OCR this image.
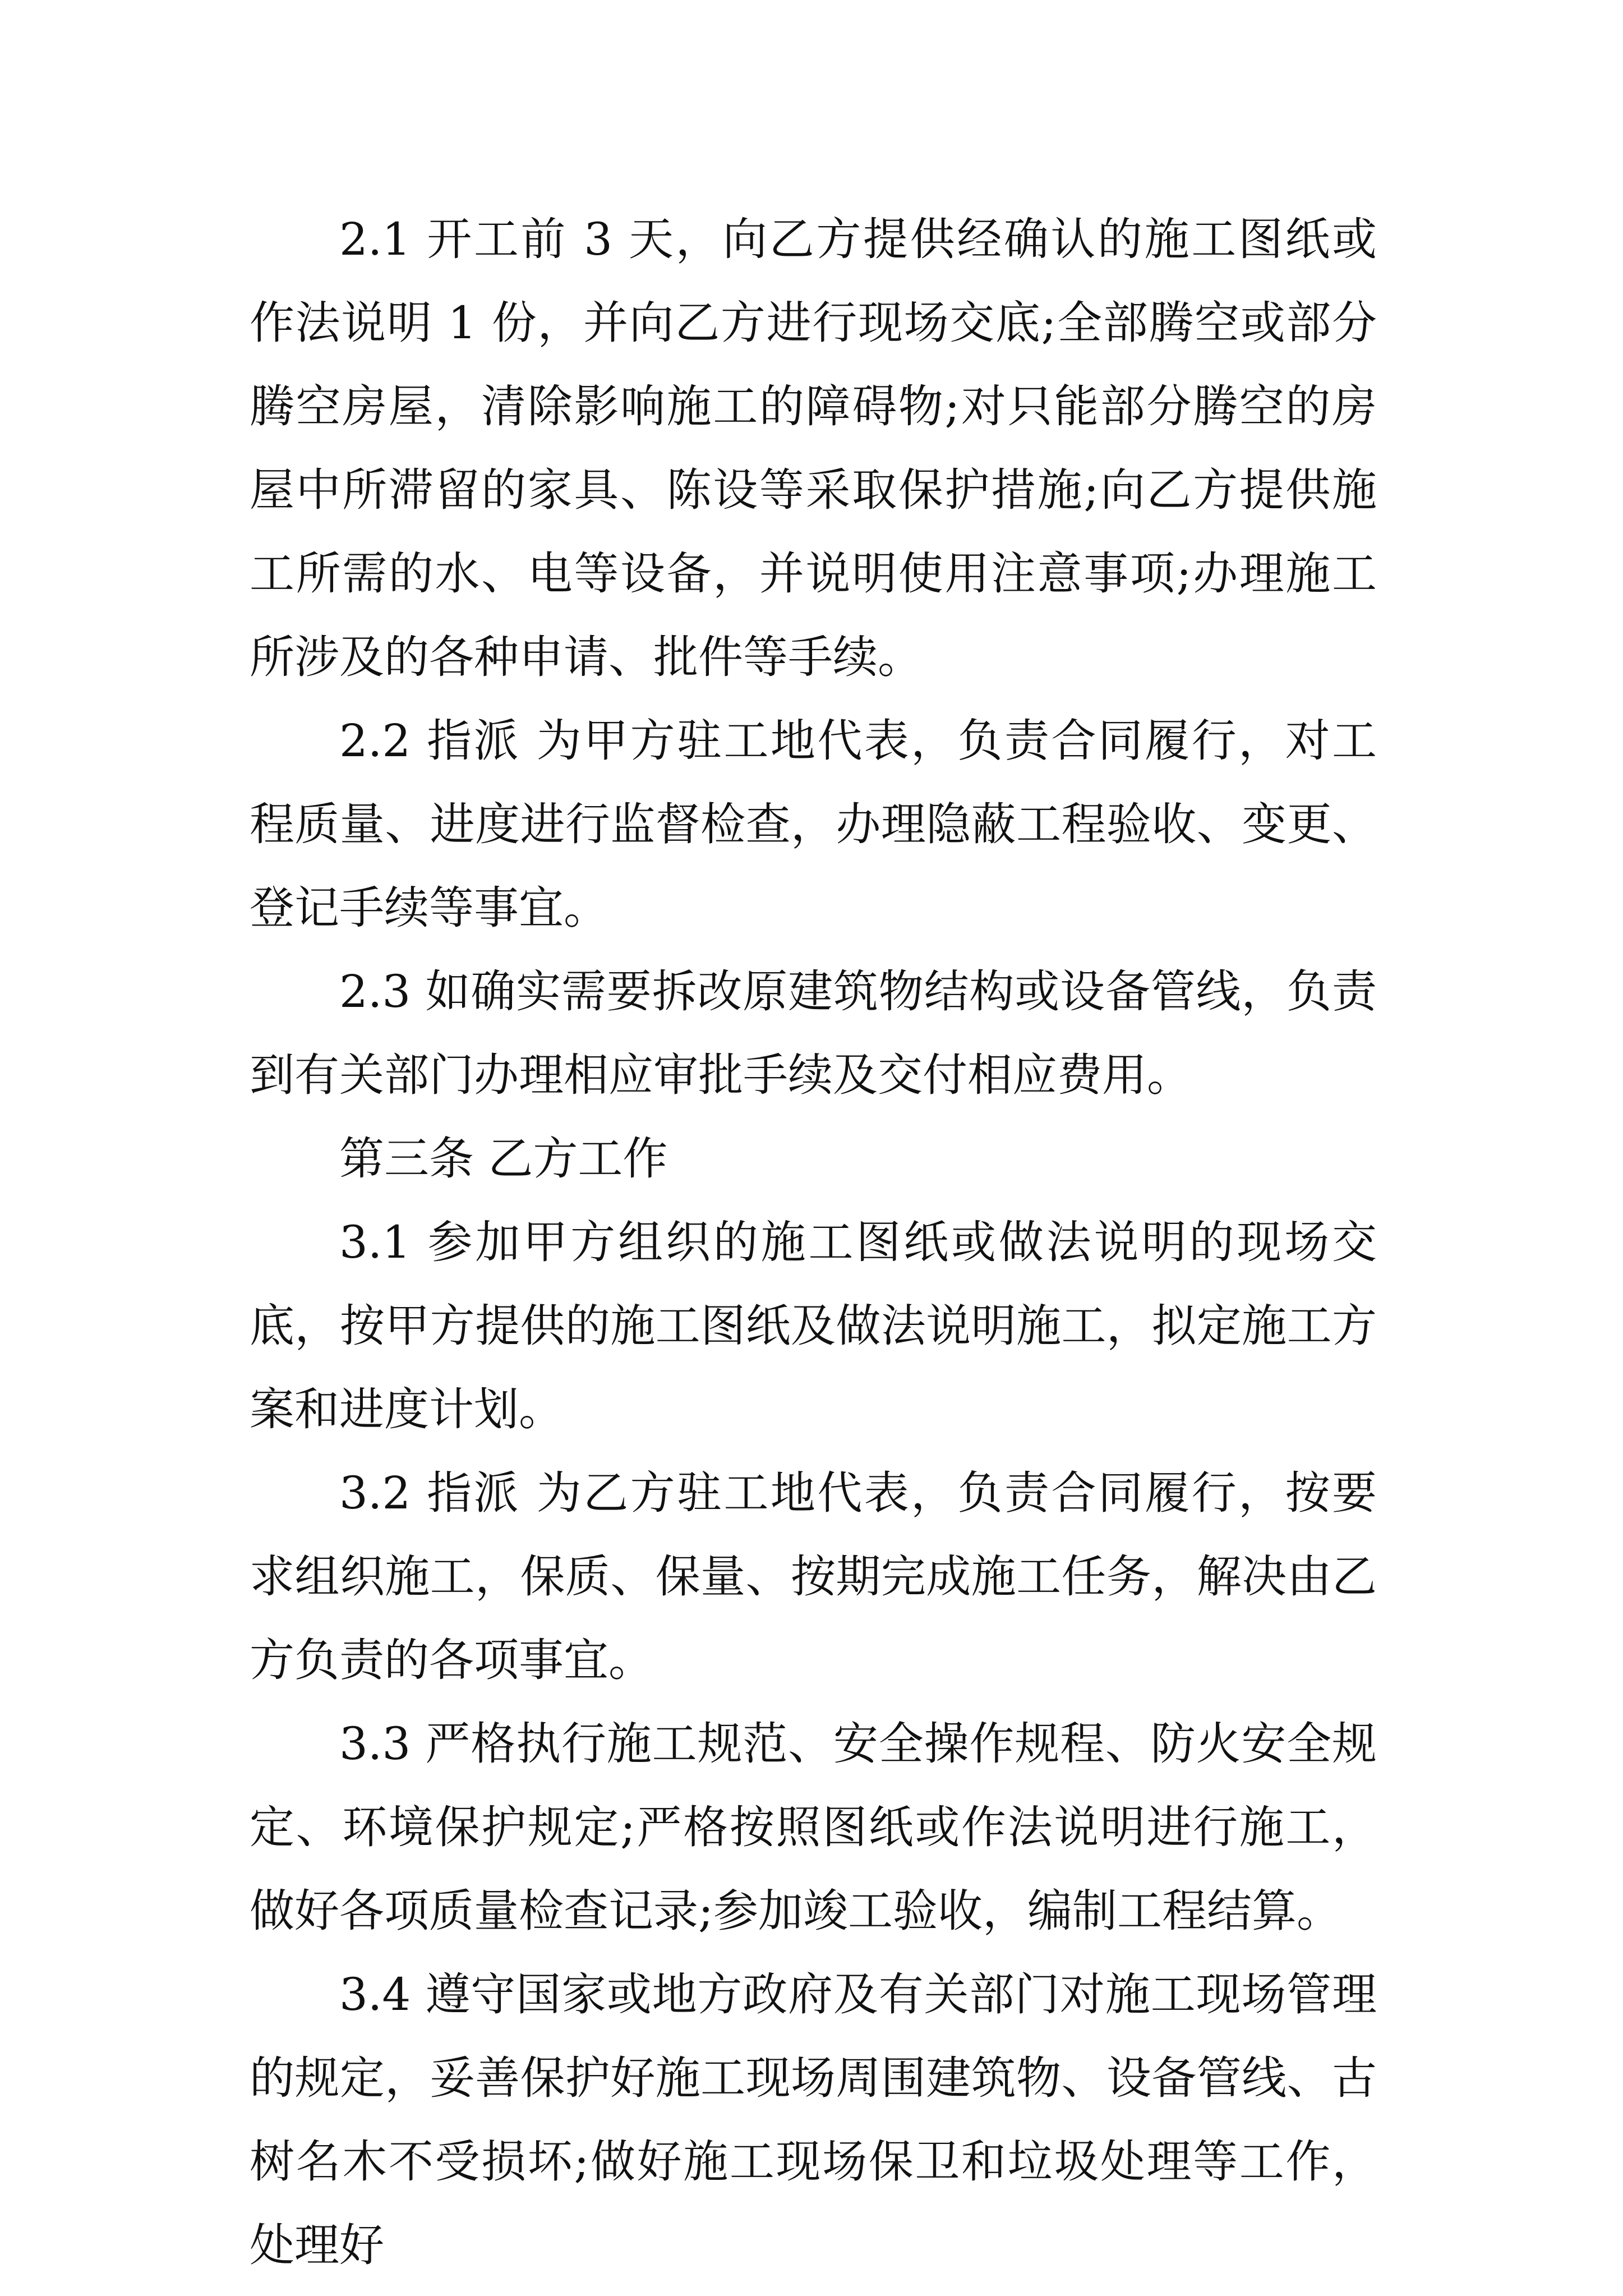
2.1 开工前 3 天，向乙方提供经确认的施工图纸或作法说明 1 份，并向乙方进行现场交底;全部腾空或部分腾空房屋，清除影响施工的障碍物;对只能部分腾空的房屋中所滞留的家具、陈设等采取保护措施;向乙方提供施工所需的水、电等设备，并说明使用注意事项;办理施工所涉及的各种申请、批件等手续。

2.2 指派 为甲方驻工地代表，负责合同履行，对工程质量、进度进行监督检查，办理隐蔽工程验收、变更、登记手续等事宜。

2.3 如确实需要拆改原建筑物结构或设备管线，负责到有关部门办理相应审批手续及交付相应费用。

第三条 乙方工作

3.1 参加甲方组织的施工图纸或做法说明的现场交底，按甲方提供的施工图纸及做法说明施工，拟定施工方案和进度计划。

3.2 指派 为乙方驻工地代表，负责合同履行，按要求组织施工，保质、保量、按期完成施工任务，解决由乙方负责的各项事宜。

3.3 严格执行施工规范、安全操作规程、防火安全规定、环境保护规定;严格按照图纸或作法说明进行施工，做好各项质量检查记录;参加竣工验收，编制工程结算。

3.4 遵守国家或地方政府及有关部门对施工现场管理的规定，妥善保护好施工现场周围建筑物、设备管线、古树名木不受损坏;做好施工现场保卫和垃圾处理等工作，处理好
